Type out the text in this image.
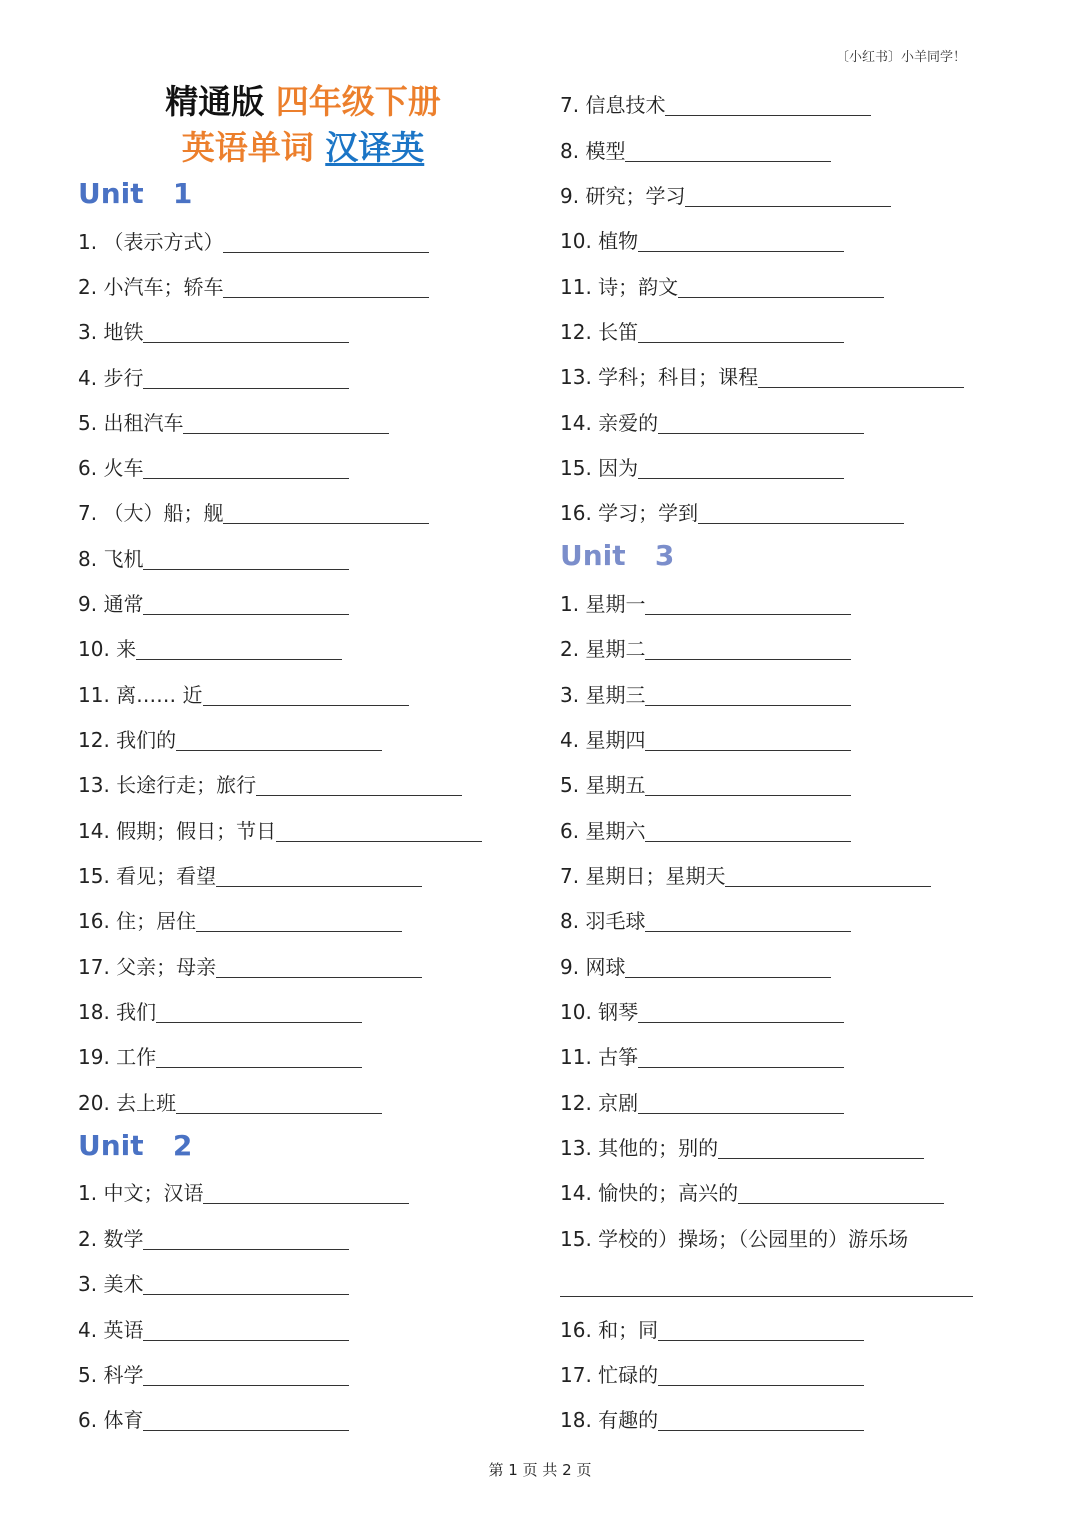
〔小红书〕小羊同学！
精通版 四年级下册
英语单词 汉译英
Unit   1
1. （表示方式）
2. 小汽车；轿车
3. 地铁
4. 步行
5. 出租汽车
6. 火车
7. （大）船；舰
8. 飞机
9. 通常
10. 来
11. 离…… 近
12. 我们的
13. 长途行走；旅行
14. 假期；假日；节日
15. 看见；看望
16. 住；居住
17. 父亲；母亲
18. 我们
19. 工作
20. 去上班
Unit   2
1. 中文；汉语
2. 数学
3. 美术
4. 英语
5. 科学
6. 体育
7. 信息技术
8. 模型
9. 研究；学习
10. 植物
11. 诗；韵文
12. 长笛
13. 学科；科目；课程
14. 亲爱的
15. 因为
16. 学习；学到
Unit   3
1. 星期一
2. 星期二
3. 星期三
4. 星期四
5. 星期五
6. 星期六
7. 星期日；星期天
8. 羽毛球
9. 网球
10. 钢琴
11. 古筝
12. 京剧
13. 其他的；别的
14. 愉快的；高兴的
15. 学校的）操场；（公园里的）游乐场
16. 和；同
17. 忙碌的
18. 有趣的
第 1 页 共 2 页
